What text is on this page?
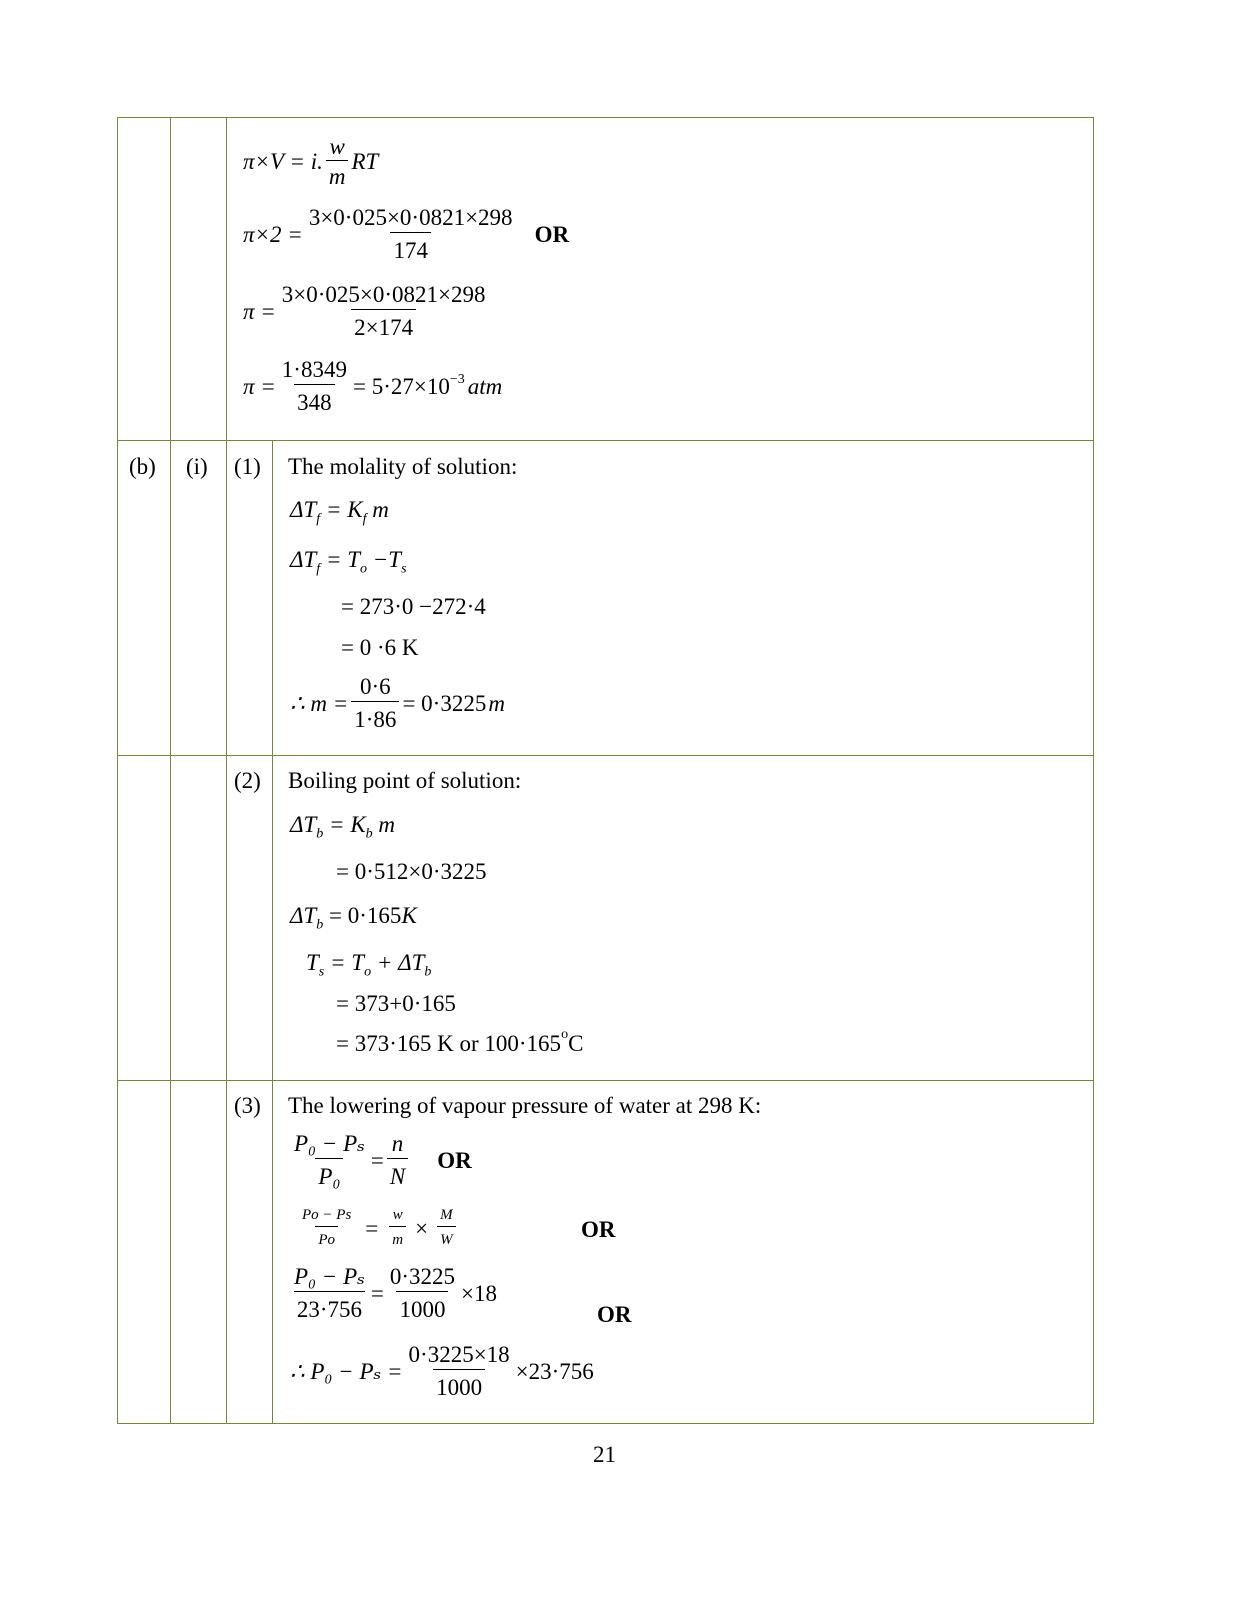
π×V = i. $\frac{w}{m}$ RT
$\pi\times 2 = \frac{3\times 0\cdot 025\times 0\cdot 0821\times 298}{174}$ OR
$\pi = \frac{3\times 0\cdot 025\times 0\cdot 0821\times 298}{2\times 174}$
$\pi = \frac{1\cdot 8349}{348} = 5\cdot 27\times 10^{-3}$ atm
(b) (i) (1) The molality of solution:
$\Delta T_f = K_f$ m
$\Delta T_f = T_o -T_s$
= 273·0 −272·4
= 0 ·6 K
∴ $m = \frac{0\cdot 6}{1\cdot 86} = 0\cdot 3225$ m
(2) Boiling point of solution:
$\Delta T_b = K_b$ m
= 0·512×0·3225
$\Delta T_b = 0\cdot 165K$
$T_s = T_o + \Delta T_b$
= 373+0·165
= 373·165 K or $100\cdot 165^oC$
(3) The lowering of vapour pressure of water at 298 K:
$\frac{\text{P₀ − Pₛ}}{\text{P₀}} = \frac{n}{N}$ OR
$\frac{Po - Ps}{Po} = \frac{w}{m} \times \frac{M}{W}$	OR
$\frac{\text{P₀ − Pₛ}}{23\cdot 756} = \frac{0\cdot 3225}{1000} \times 18$
OR
∴ $P_0 - P_s = \frac{0\cdot 3225\times 18}{1000} \times 23\cdot 756$
21
